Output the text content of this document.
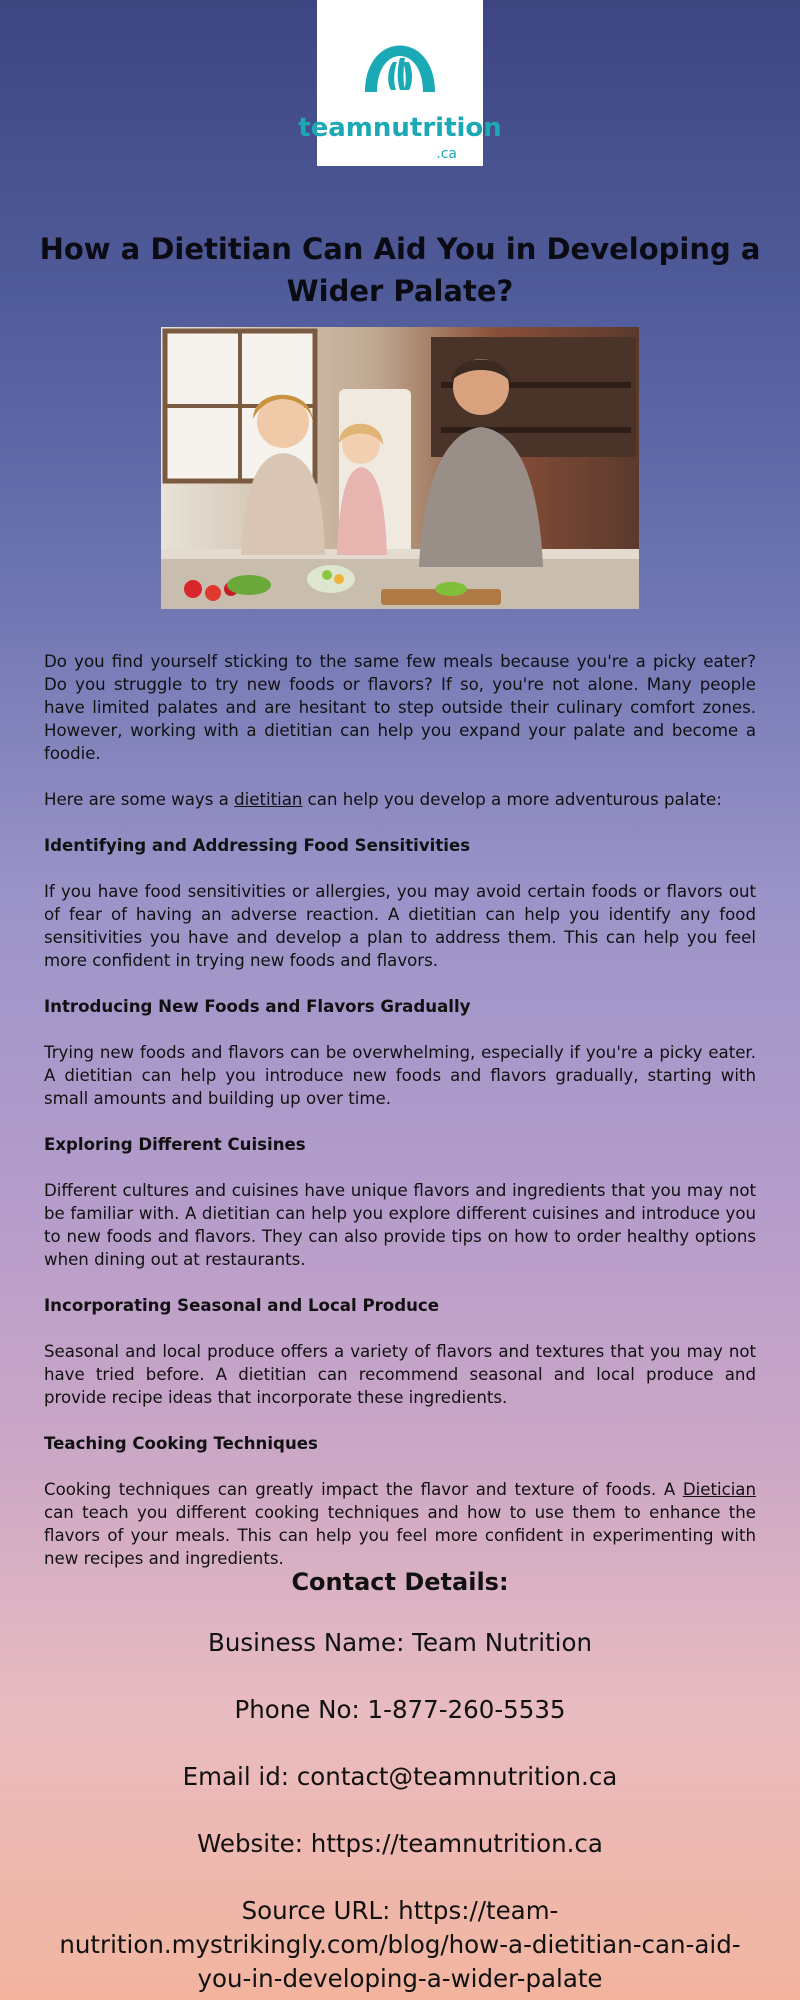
teamnutrition
.ca
How a Dietitian Can Aid You in Developing a Wider Palate?

Do you find yourself sticking to the same few meals because you're a picky eater? Do you struggle to try new foods or flavors? If so, you're not alone. Many people have limited palates and are hesitant to step outside their culinary comfort zones. However, working with a dietitian can help you expand your palate and become a foodie.

Here are some ways a dietitian can help you develop a more adventurous palate:

Identifying and Addressing Food Sensitivities

If you have food sensitivities or allergies, you may avoid certain foods or flavors out of fear of having an adverse reaction. A dietitian can help you identify any food sensitivities you have and develop a plan to address them. This can help you feel more confident in trying new foods and flavors.

Introducing New Foods and Flavors Gradually

Trying new foods and flavors can be overwhelming, especially if you're a picky eater. A dietitian can help you introduce new foods and flavors gradually, starting with small amounts and building up over time.

Exploring Different Cuisines

Different cultures and cuisines have unique flavors and ingredients that you may not be familiar with. A dietitian can help you explore different cuisines and introduce you to new foods and flavors. They can also provide tips on how to order healthy options when dining out at restaurants.

Incorporating Seasonal and Local Produce

Seasonal and local produce offers a variety of flavors and textures that you may not have tried before. A dietitian can recommend seasonal and local produce and provide recipe ideas that incorporate these ingredients.

Teaching Cooking Techniques

Cooking techniques can greatly impact the flavor and texture of foods. A Dietician can teach you different cooking techniques and how to use them to enhance the flavors of your meals. This can help you feel more confident in experimenting with new recipes and ingredients.

Contact Details:
Business Name: Team Nutrition
Phone No: 1-877-260-5535
Email id: contact@teamnutrition.ca
Website: https://teamnutrition.ca
Source URL: https://team-nutrition.mystrikingly.com/blog/how-a-dietitian-can-aid-you-in-developing-a-wider-palate
